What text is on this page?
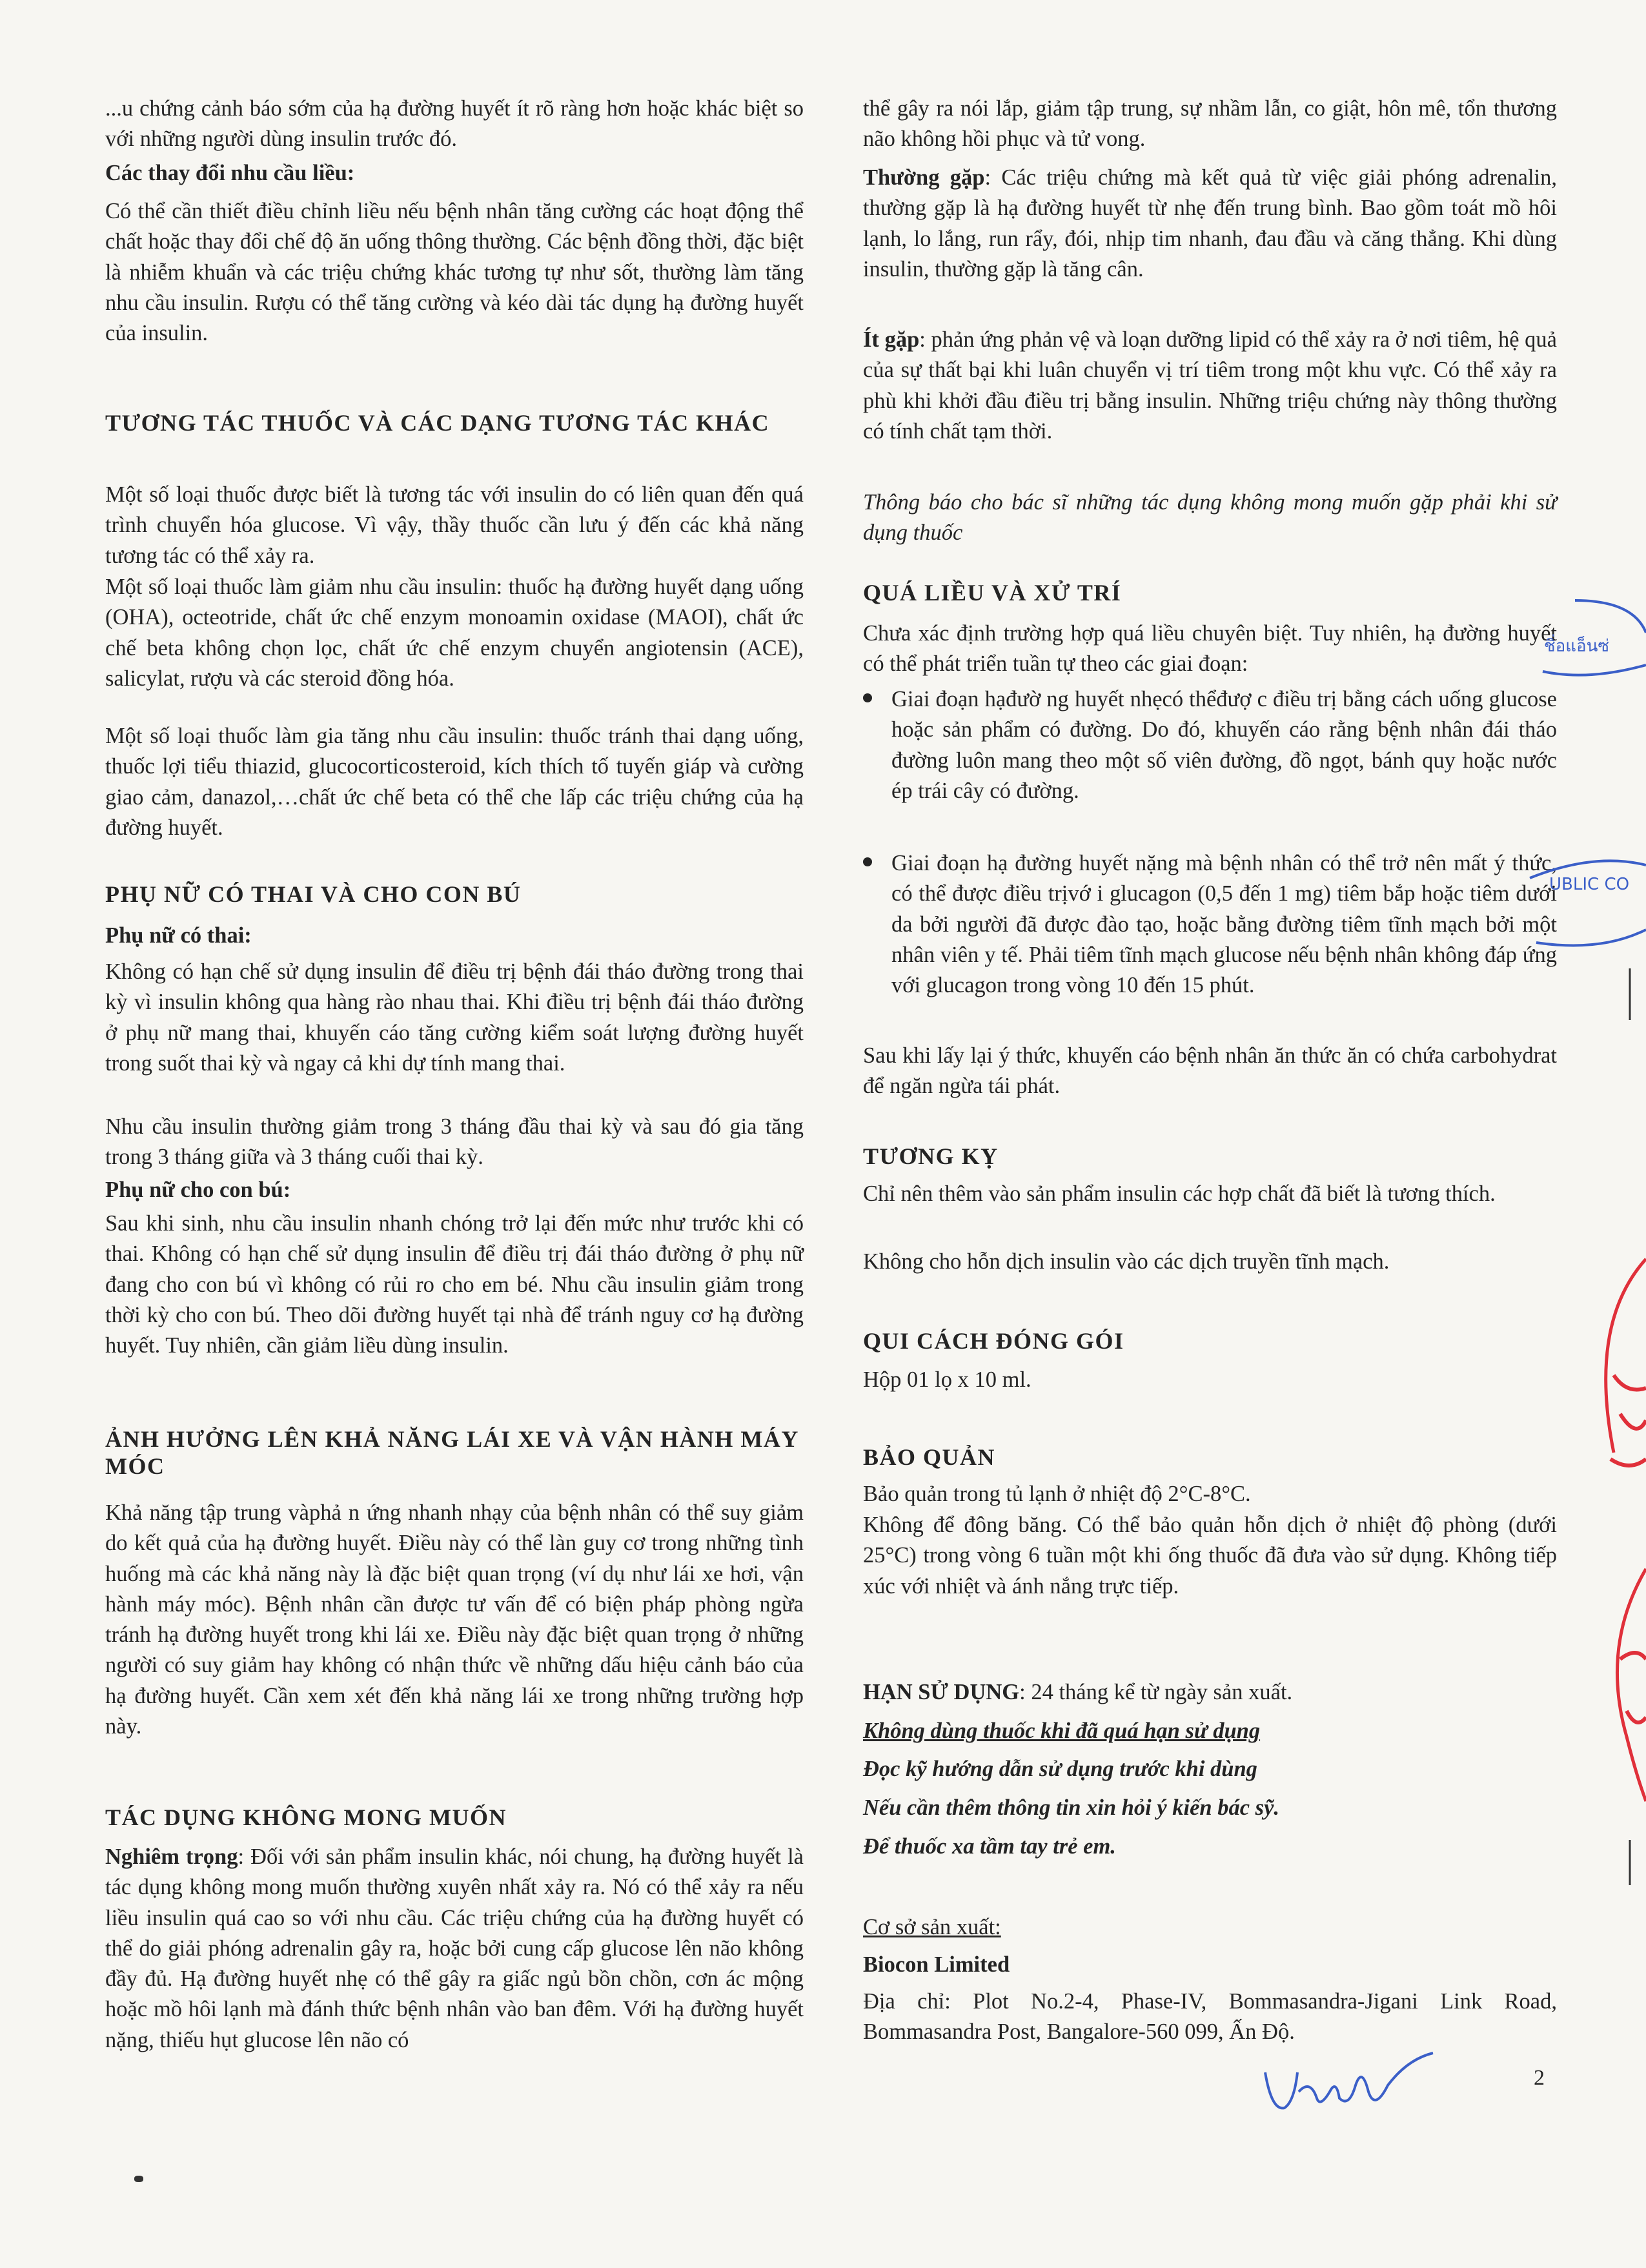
...u chứng cảnh báo sớm của hạ đường huyết ít rõ ràng hơn hoặc khác biệt so với những người dùng insulin trước đó.

Các thay đổi nhu cầu liều:

Có thể cần thiết điều chỉnh liều nếu bệnh nhân tăng cường các hoạt động thể chất hoặc thay đổi chế độ ăn uống thông thường. Các bệnh đồng thời, đặc biệt là nhiễm khuẩn và các triệu chứng khác tương tự như sốt, thường làm tăng nhu cầu insulin. Rượu có thể tăng cường và kéo dài tác dụng hạ đường huyết của insulin.

TƯƠNG TÁC THUỐC VÀ CÁC DẠNG TƯƠNG TÁC KHÁC

Một số loại thuốc được biết là tương tác với insulin do có liên quan đến quá trình chuyển hóa glucose. Vì vậy, thầy thuốc cần lưu ý đến các khả năng tương tác có thể xảy ra.

Một số loại thuốc làm giảm nhu cầu insulin: thuốc hạ đường huyết dạng uống (OHA), octeotride, chất ức chế enzym monoamin oxidase (MAOI), chất ức chế beta không chọn lọc, chất ức chế enzym chuyển angiotensin (ACE), salicylat, rượu và các steroid đồng hóa.

Một số loại thuốc làm gia tăng nhu cầu insulin: thuốc tránh thai dạng uống, thuốc lợi tiểu thiazid, glucocorticosteroid, kích thích tố tuyến giáp và cường giao cảm, danazol,…chất ức chế beta có thể che lấp các triệu chứng của hạ đường huyết.

PHỤ NỮ CÓ THAI VÀ CHO CON BÚ
Phụ nữ có thai:

Không có hạn chế sử dụng insulin để điều trị bệnh đái tháo đường trong thai kỳ vì insulin không qua hàng rào nhau thai. Khi điều trị bệnh đái tháo đường ở phụ nữ mang thai, khuyến cáo tăng cường kiểm soát lượng đường huyết trong suốt thai kỳ và ngay cả khi dự tính mang thai.

Nhu cầu insulin thường giảm trong 3 tháng đầu thai kỳ và sau đó gia tăng trong 3 tháng giữa và 3 tháng cuối thai kỳ.

Phụ nữ cho con bú:

Sau khi sinh, nhu cầu insulin nhanh chóng trở lại đến mức như trước khi có thai. Không có hạn chế sử dụng insulin để điều trị đái tháo đường ở phụ nữ đang cho con bú vì không có rủi ro cho em bé. Nhu cầu insulin giảm trong thời kỳ cho con bú. Theo dõi đường huyết tại nhà để tránh nguy cơ hạ đường huyết. Tuy nhiên, cần giảm liều dùng insulin.

ẢNH HƯỞNG LÊN KHẢ NĂNG LÁI XE VÀ VẬN HÀNH MÁY MÓC

Khả năng tập trung vàphả n ứng nhanh nhạy của bệnh nhân có thể suy giảm do kết quả của hạ đường huyết. Điều này có thể làn guy cơ trong những tình huống mà các khả năng này là đặc biệt quan trọng (ví dụ như lái xe hơi, vận hành máy móc). Bệnh nhân cần được tư vấn để có biện pháp phòng ngừa tránh hạ đường huyết trong khi lái xe. Điều này đặc biệt quan trọng ở những người có suy giảm hay không có nhận thức về những dấu hiệu cảnh báo của hạ đường huyết. Cần xem xét đến khả năng lái xe trong những trường hợp này.

TÁC DỤNG KHÔNG MONG MUỐN

Nghiêm trọng: Đối với sản phẩm insulin khác, nói chung, hạ đường huyết là tác dụng không mong muốn thường xuyên nhất xảy ra. Nó có thể xảy ra nếu liều insulin quá cao so với nhu cầu. Các triệu chứng của hạ đường huyết có thể do giải phóng adrenalin gây ra, hoặc bởi cung cấp glucose lên não không đầy đủ. Hạ đường huyết nhẹ có thể gây ra giấc ngủ bồn chồn, cơn ác mộng hoặc mồ hôi lạnh mà đánh thức bệnh nhân vào ban đêm. Với hạ đường huyết nặng, thiếu hụt glucose lên não có

thể gây ra nói lắp, giảm tập trung, sự nhầm lẫn, co giật, hôn mê, tổn thương não không hồi phục và tử vong.

Thường gặp: Các triệu chứng mà kết quả từ việc giải phóng adrenalin, thường gặp là hạ đường huyết từ nhẹ đến trung bình. Bao gồm toát mồ hôi lạnh, lo lắng, run rẩy, đói, nhịp tim nhanh, đau đầu và căng thẳng. Khi dùng insulin, thường gặp là tăng cân.

Ít gặp: phản ứng phản vệ và loạn dưỡng lipid có thể xảy ra ở nơi tiêm, hệ quả của sự thất bại khi luân chuyển vị trí tiêm trong một khu vực. Có thể xảy ra phù khi khởi đầu điều trị bằng insulin. Những triệu chứng này thông thường có tính chất tạm thời.

Thông báo cho bác sĩ những tác dụng không mong muốn gặp phải khi sử dụng thuốc

QUÁ LIỀU VÀ XỬ TRÍ

Chưa xác định trường hợp quá liều chuyên biệt. Tuy nhiên, hạ đường huyết có thể phát triển tuần tự theo các giai đoạn:

Giai đoạn hạđườ ng huyết nhẹcó thểđượ c điều trị bằng cách uống glucose hoặc sản phẩm có đường. Do đó, khuyến cáo rằng bệnh nhân đái tháo đường luôn mang theo một số viên đường, đồ ngọt, bánh quy hoặc nước ép trái cây có đường.

Giai đoạn hạ đường huyết nặng mà bệnh nhân có thể trở nên mất ý thức, có thể được điều trịvớ i glucagon (0,5 đến 1 mg) tiêm bắp hoặc tiêm dưới da bởi người đã được đào tạo, hoặc bằng đường tiêm tĩnh mạch bởi một nhân viên y tế. Phải tiêm tĩnh mạch glucose nếu bệnh nhân không đáp ứng với glucagon trong vòng 10 đến 15 phút.

Sau khi lấy lại ý thức, khuyến cáo bệnh nhân ăn thức ăn có chứa carbohydrat để ngăn ngừa tái phát.

TƯƠNG KỴ

Chỉ nên thêm vào sản phẩm insulin các hợp chất đã biết là tương thích.

Không cho hỗn dịch insulin vào các dịch truyền tĩnh mạch.

QUI CÁCH ĐÓNG GÓI

Hộp 01 lọ x 10 ml.

BẢO QUẢN

Bảo quản trong tủ lạnh ở nhiệt độ 2°C-8°C.

Không để đông băng. Có thể bảo quản hỗn dịch ở nhiệt độ phòng (dưới 25°C) trong vòng 6 tuần một khi ống thuốc đã đưa vào sử dụng. Không tiếp xúc với nhiệt và ánh nắng trực tiếp.

HẠN SỬ DỤNG: 24 tháng kể từ ngày sản xuất.

Không dùng thuốc khi đã quá hạn sử dụng

Đọc kỹ hướng dẫn sử dụng trước khi dùng

Nếu cần thêm thông tin xin hỏi ý kiến bác sỹ.

Để thuốc xa tầm tay trẻ em.

Cơ sở sản xuất:

Biocon Limited

Địa chỉ: Plot No.2-4, Phase-IV, Bommasandra-Jigani Link Road, Bommasandra Post, Bangalore-560 099, Ấn Độ.

ชิ่อแอ็นซ่
UBLIC CO
2
